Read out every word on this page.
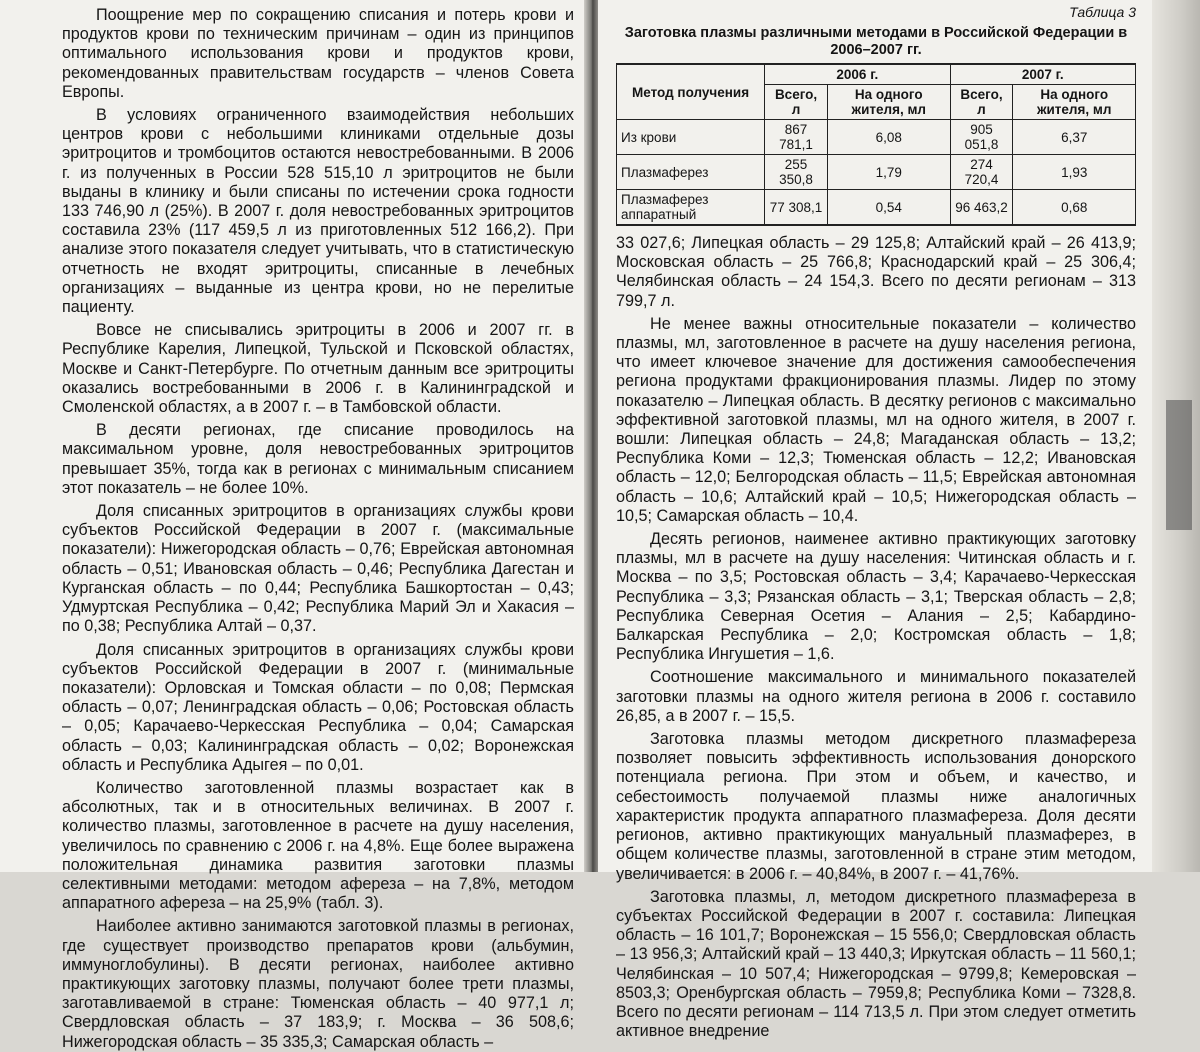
Поощрение мер по сокращению списания и потерь крови и продуктов крови по техническим причинам – один из принципов оптимального использования крови и продуктов крови, рекомендованных правительствам государств – членов Совета Европы.

В условиях ограниченного взаимодействия небольших центров крови с небольшими клиниками отдельные дозы эритроцитов и тромбоцитов остаются невостребованными. В 2006 г. из полученных в России 528 515,10 л эритроцитов не были выданы в клинику и были списаны по истечении срока годности 133 746,90 л (25%). В 2007 г. доля невостребованных эритроцитов составила 23% (117 459,5 л из приготовленных 512 166,2). При анализе этого показателя следует учитывать, что в статистическую отчетность не входят эритроциты, списанные в лечебных организациях – выданные из центра крови, но не перелитые пациенту.

Вовсе не списывались эритроциты в 2006 и 2007 гг. в Республике Карелия, Липецкой, Тульской и Псковской областях, Москве и Санкт-Петербурге. По отчетным данным все эритроциты оказались востребованными в 2006 г. в Калининградской и Смоленской областях, а в 2007 г. – в Тамбовской области.

В десяти регионах, где списание проводилось на максимальном уровне, доля невостребованных эритроцитов превышает 35%, тогда как в регионах с минимальным списанием этот показатель – не более 10%.

Доля списанных эритроцитов в организациях службы крови субъектов Российской Федерации в 2007 г. (максимальные показатели): Нижегородская область – 0,76; Еврейская автономная область – 0,51; Ивановская область – 0,46; Республика Дагестан и Курганская область – по 0,44; Республика Башкортостан – 0,43; Удмуртская Республика – 0,42; Республика Марий Эл и Хакасия – по 0,38; Республика Алтай – 0,37.

Доля списанных эритроцитов в организациях службы крови субъектов Российской Федерации в 2007 г. (минимальные показатели): Орловская и Томская области – по 0,08; Пермская область – 0,07; Ленинградская область – 0,06; Ростовская область – 0,05; Карачаево-Черкесская Республика – 0,04; Самарская область – 0,03; Калининградская область – 0,02; Воронежская область и Республика Адыгея – по 0,01.

Количество заготовленной плазмы возрастает как в абсолютных, так и в относительных величинах. В 2007 г. количество плазмы, заготовленное в расчете на душу населения, увеличилось по сравнению с 2006 г. на 4,8%. Еще более выражена положительная динамика развития заготовки плазмы селективными методами: методом афереза – на 7,8%, методом аппаратного афереза – на 25,9% (табл. 3).

Наиболее активно занимаются заготовкой плазмы в регионах, где существует производство препаратов крови (альбумин, иммуноглобулины). В десяти регионах, наиболее активно практикующих заготовку плазмы, получают более трети плазмы, заготавливаемой в стране: Тюменская область – 40 977,1 л; Свердловская область – 37 183,9; г. Москва – 36 508,6; Нижегородская область – 35 335,3; Самарская область –

Таблица 3

Заготовка плазмы различными методами в Российской Федерации в 2006–2007 гг.

Метод получения	2006 г.		2007 г.	
	Всего, л	На одного жителя, мл	Всего, л	На одного жителя, мл
Из крови	867 781,1	6,08	905 051,8	6,37
Плазмаферез	255 350,8	1,79	274 720,4	1,93
Плазмаферез аппаратный	77 308,1	0,54	96 463,2	0,68

33 027,6; Липецкая область – 29 125,8; Алтайский край – 26 413,9; Московская область – 25 766,8; Краснодарский край – 25 306,4; Челябинская область – 24 154,3. Всего по десяти регионам – 313 799,7 л.

Не менее важны относительные показатели – количество плазмы, мл, заготовленное в расчете на душу населения региона, что имеет ключевое значение для достижения самообеспечения региона продуктами фракционирования плазмы. Лидер по этому показателю – Липецкая область. В десятку регионов с максимально эффективной заготовкой плазмы, мл на одного жителя, в 2007 г. вошли: Липецкая область – 24,8; Магаданская область – 13,2; Республика Коми – 12,3; Тюменская область – 12,2; Ивановская область – 12,0; Белгородская область – 11,5; Еврейская автономная область – 10,6; Алтайский край – 10,5; Нижегородская область – 10,5; Самарская область – 10,4.

Десять регионов, наименее активно практикующих заготовку плазмы, мл в расчете на душу населения: Читинская область и г. Москва – по 3,5; Ростовская область – 3,4; Карачаево-Черкесская Республика – 3,3; Рязанская область – 3,1; Тверская область – 2,8; Республика Северная Осетия – Алания – 2,5; Кабардино-Балкарская Республика – 2,0; Костромская область – 1,8; Республика Ингушетия – 1,6.

Соотношение максимального и минимального показателей заготовки плазмы на одного жителя региона в 2006 г. составило 26,85, а в 2007 г. – 15,5.

Заготовка плазмы методом дискретного плазмафереза позволяет повысить эффективность использования донорского потенциала региона. При этом и объем, и качество, и себестоимость получаемой плазмы ниже аналогичных характеристик продукта аппаратного плазмафереза. Доля десяти регионов, активно практикующих мануальный плазмаферез, в общем количестве плазмы, заготовленной в стране этим методом, увеличивается: в 2006 г. – 40,84%, в 2007 г. – 41,76%.

Заготовка плазмы, л, методом дискретного плазмафереза в субъектах Российской Федерации в 2007 г. составила: Липецкая область – 16 101,7; Воронежская – 15 556,0; Свердловская область – 13 956,3; Алтайский край – 13 440,3; Иркутская область – 11 560,1; Челябинская – 10 507,4; Нижегородская – 9799,8; Кемеровская – 8503,3; Оренбургская область – 7959,8; Республика Коми – 7328,8. Всего по десяти регионам – 114 713,5 л. При этом следует отметить активное внедрение
